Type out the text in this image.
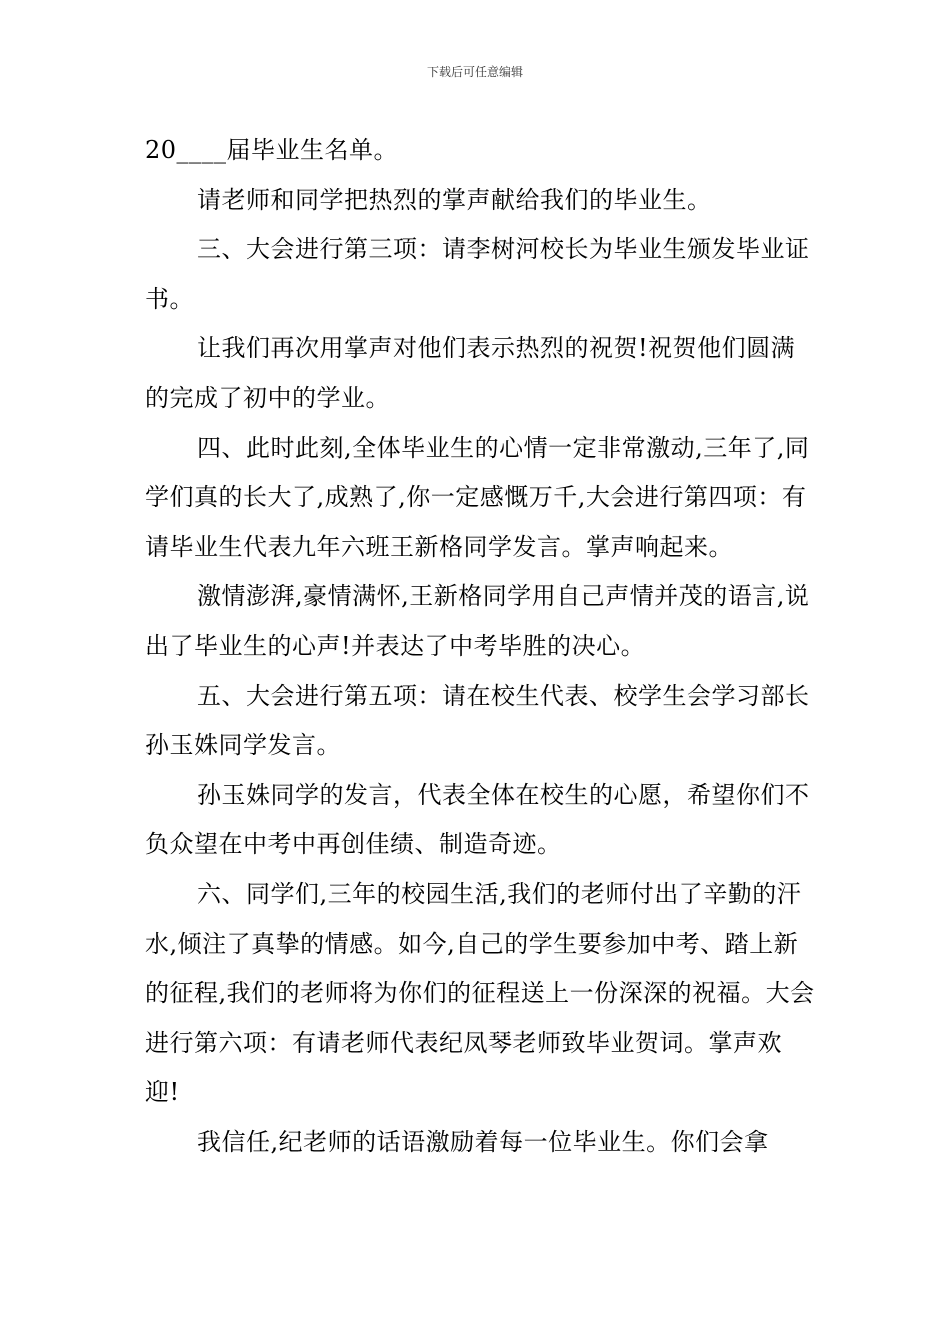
下载后可任意编辑

20____届毕业生名单。

请老师和同学把热烈的掌声献给我们的毕业生。

三、大会进行第三项：请李树河校长为毕业生颁发毕业证书。

让我们再次用掌声对他们表示热烈的祝贺!祝贺他们圆满的完成了初中的学业。

四、此时此刻,全体毕业生的心情一定非常激动,三年了,同学们真的长大了,成熟了,你一定感慨万千,大会进行第四项：有请毕业生代表九年六班王新格同学发言。掌声响起来。

激情澎湃,豪情满怀,王新格同学用自己声情并茂的语言,说出了毕业生的心声!并表达了中考毕胜的决心。

五、大会进行第五项：请在校生代表、校学生会学习部长孙玉姝同学发言。

孙玉姝同学的发言，代表全体在校生的心愿，希望你们不负众望在中考中再创佳绩、制造奇迹。

六、同学们,三年的校园生活,我们的老师付出了辛勤的汗水,倾注了真挚的情感。如今,自己的学生要参加中考、踏上新的征程,我们的老师将为你们的征程送上一份深深的祝福。大会进行第六项：有请老师代表纪凤琴老师致毕业贺词。掌声欢迎!

我信任,纪老师的话语激励着每一位毕业生。你们会拿
